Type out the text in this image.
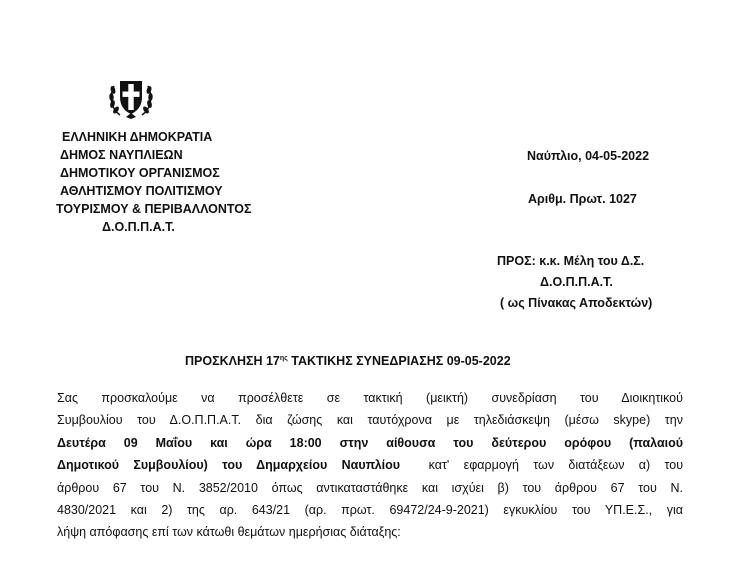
ΕΛΛΗΝΙΚΗ ΔΗΜΟΚΡΑΤΙΑ
ΔΗΜΟΣ ΝΑΥΠΛΙΕΩΝ
ΔΗΜΟΤΙΚΟΥ ΟΡΓΑΝΙΣΜΟΣ
ΑΘΛΗΤΙΣΜΟΥ ΠΟΛΙΤΙΣΜΟΥ
ΤΟΥΡΙΣΜΟΥ & ΠΕΡΙΒΑΛΛΟΝΤΟΣ
Δ.Ο.Π.Π.Α.Τ.
Ναύπλιο, 04-05-2022
Αριθμ. Πρωτ. 1027
ΠΡΟΣ: κ.κ. Μέλη του Δ.Σ.
Δ.Ο.Π.Π.Α.Τ.
( ως Πίνακας Αποδεκτών)
ΠΡΟΣΚΛΗΣΗ $17^{\eta\varsigma}$ ΤΑΚΤΙΚΗΣ ΣΥΝΕΔΡΙΑΣΗΣ 09-05-2022
Σας προσκαλούμε να προσέλθετε σε τακτική (μεικτή) συνεδρίαση του Διοικητικού
Συμβουλίου του Δ.Ο.Π.Π.Α.Τ. δια ζώσης και ταυτόχρονα με τηλεδιάσκεψη (μέσω skype) την
Δευτέρα 09 Μαΐου και ώρα 18:00 στην αίθουσα του δεύτερου ορόφου (παλαιού
Δημοτικού Συμβουλίου) του Δημαρχείου Ναυπλίου  κατ' εφαρμογή των διατάξεων α) του
άρθρου 67 του Ν. 3852/2010 όπως αντικαταστάθηκε και ισχύει β) του άρθρου 67 του Ν.
4830/2021 και 2) της αρ. 643/21 (αρ. πρωτ. 69472/24-9-2021) εγκυκλίου του ΥΠ.Ε.Σ., για
λήψη απόφασης επί των κάτωθι θεμάτων ημερήσιας διάταξης:
